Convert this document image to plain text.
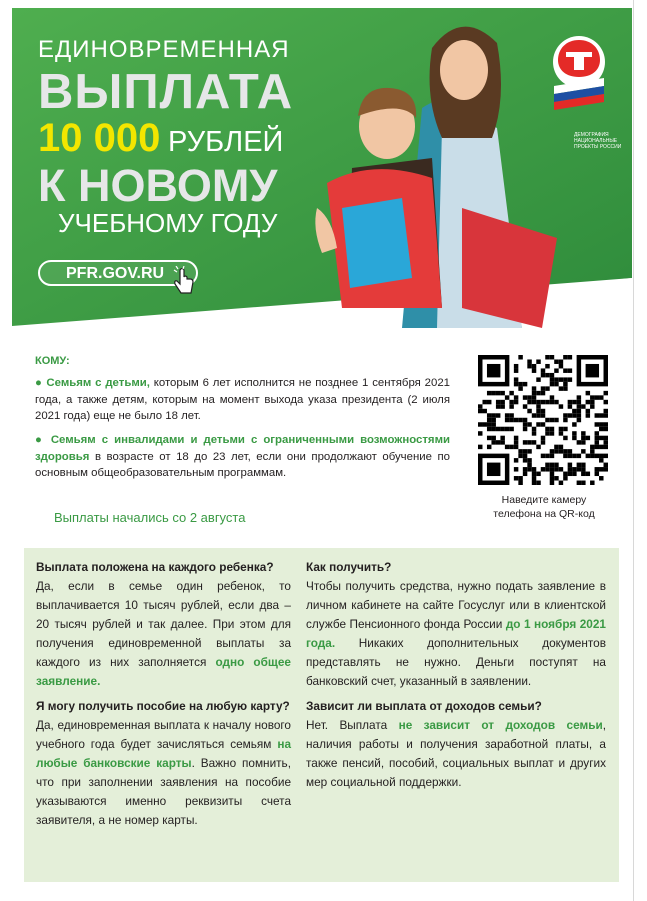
ЕДИНОВРЕМЕННАЯ
ВЫПЛАТА
10 000 РУБЛЕЙ
К НОВОМУ
УЧЕБНОМУ ГОДУ
PFR.GOV.RU
ДЕМОГРАФИЯ НАЦИОНАЛЬНЫЕ ПРОЕКТЫ РОССИИ
КОМУ:
● Семьям с детьми, которым 6 лет исполнится не позднее 1 сентября 2021 года, а также детям, которым на момент выхода указа президента (2 июля 2021 года) еще не было 18 лет.
● Семьям с инвалидами и детьми с ограниченными возможностями здоровья в возрасте от 18 до 23 лет, если они продолжают обучение по основным общеобразовательным программам.
Выплаты начались со 2 августа
Наведите камеру
телефона на QR-код
Выплата положена на каждого ребенка?
Да, если в семье один ребенок, то выплачивается 10 тысяч рублей, если два – 20 тысяч рублей и так далее. При этом для получения единовременной выплаты за каждого из них заполняется одно общее заявление.
Я могу получить пособие на любую карту?
Да, единовременная выплата к началу нового учебного года будет зачисляться семьям на любые банковские карты. Важно помнить, что при заполнении заявления на пособие указываются именно реквизиты счета заявителя, а не номер карты.
Как получить?
Чтобы получить средства, нужно подать заявление в личном кабинете на сайте Госуслуг или в клиентской службе Пенсионного фонда России до 1 ноября 2021 года. Никаких дополнительных документов представлять не нужно. Деньги поступят на банковский счет, указанный в заявлении.
Зависит ли выплата от доходов семьи?
Нет. Выплата не зависит от доходов семьи, наличия работы и получения заработной платы, а также пенсий, пособий, социальных выплат и других мер социальной поддержки.
